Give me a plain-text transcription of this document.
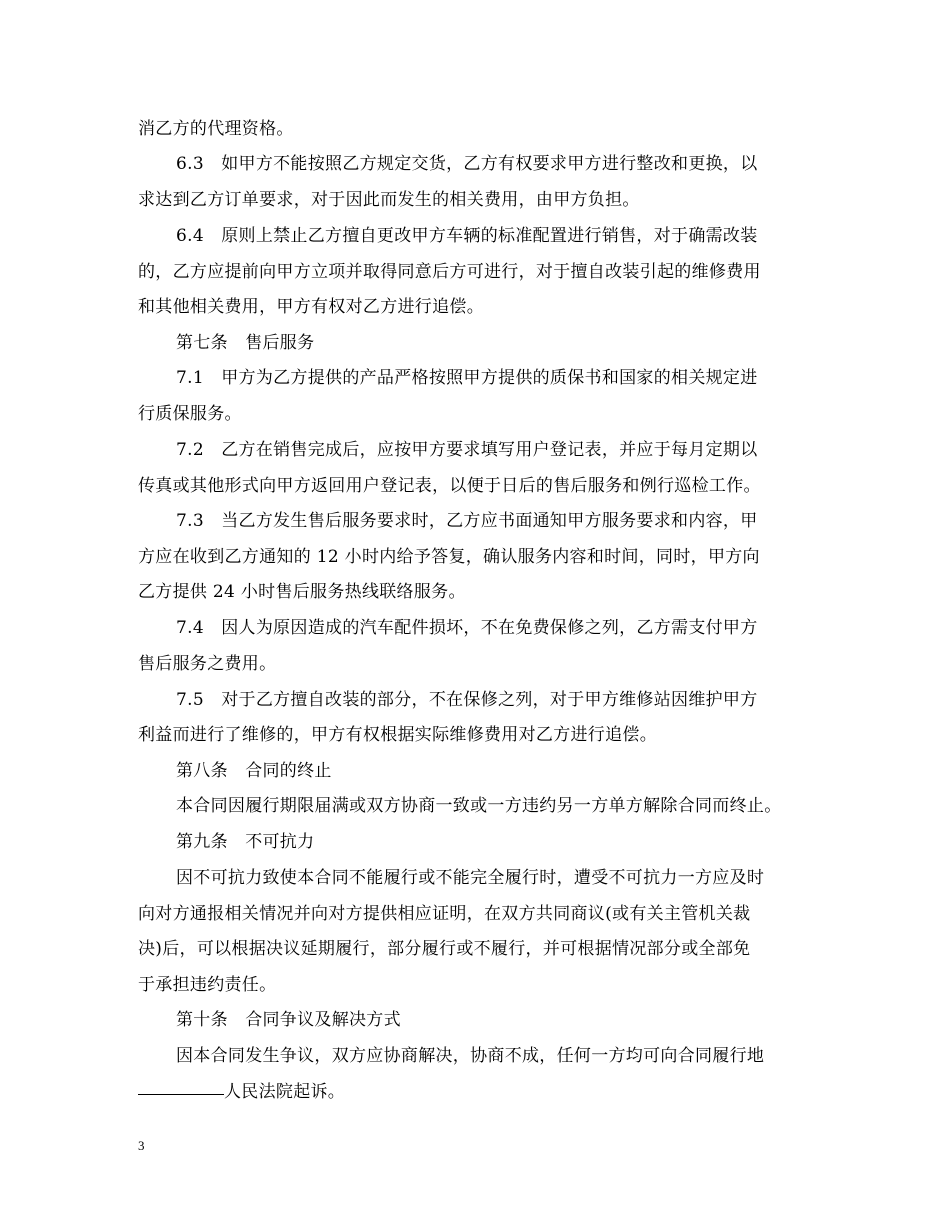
消乙方的代理资格。
6.3　如甲方不能按照乙方规定交货，乙方有权要求甲方进行整改和更换，以
求达到乙方订单要求，对于因此而发生的相关费用，由甲方负担。
6.4　原则上禁止乙方擅自更改甲方车辆的标准配置进行销售，对于确需改装
的，乙方应提前向甲方立项并取得同意后方可进行，对于擅自改装引起的维修费用
和其他相关费用，甲方有权对乙方进行追偿。
第七条　售后服务
7.1　甲方为乙方提供的产品严格按照甲方提供的质保书和国家的相关规定进
行质保服务。
7.2　乙方在销售完成后，应按甲方要求填写用户登记表，并应于每月定期以
传真或其他形式向甲方返回用户登记表，以便于日后的售后服务和例行巡检工作。
7.3　当乙方发生售后服务要求时，乙方应书面通知甲方服务要求和内容，甲
方应在收到乙方通知的 12 小时内给予答复，确认服务内容和时间，同时，甲方向
乙方提供 24 小时售后服务热线联络服务。
7.4　因人为原因造成的汽车配件损坏，不在免费保修之列，乙方需支付甲方
售后服务之费用。
7.5　对于乙方擅自改装的部分，不在保修之列，对于甲方维修站因维护甲方
利益而进行了维修的，甲方有权根据实际维修费用对乙方进行追偿。
第八条　合同的终止
本合同因履行期限届满或双方协商一致或一方违约另一方单方解除合同而终止。
第九条　不可抗力
因不可抗力致使本合同不能履行或不能完全履行时，遭受不可抗力一方应及时
向对方通报相关情况并向对方提供相应证明，在双方共同商议(或有关主管机关裁
决)后，可以根据决议延期履行，部分履行或不履行，并可根据情况部分或全部免
于承担违约责任。
第十条　合同争议及解决方式
因本合同发生争议，双方应协商解决，协商不成，任何一方均可向合同履行地
人民法院起诉。
3
